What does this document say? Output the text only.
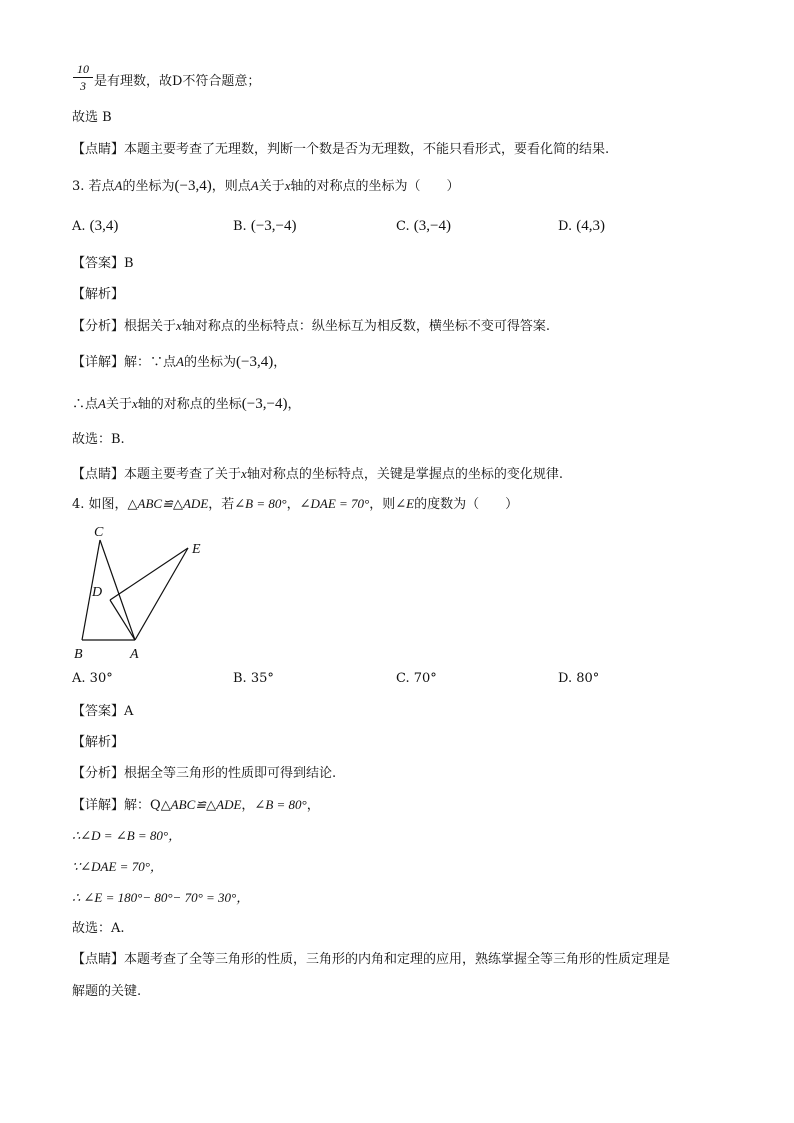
10
3 是有理数，故D不符合题意；
故选 B
【点睛】本题主要考查了无理数，判断一个数是否为无理数，不能只看形式，要看化简的结果.
3. 若点A的坐标为(−3,4)，则点A关于x轴的对称点的坐标为（　　）
A. (3,4)	B. (−3,−4)	C. (3,−4)	D. (4,3)
【答案】B
【解析】
【分析】根据关于x轴对称点的坐标特点：纵坐标互为相反数，横坐标不变可得答案.
【详解】解：∵点A的坐标为(−3,4)，
∴点A关于x轴的对称点的坐标(−3,−4)，
故选：B.
【点睛】本题主要考查了关于x轴对称点的坐标特点，关键是掌握点的坐标的变化规律.
4. 如图，△ABC≌△ADE，若∠B = 80°，∠DAE = 70°，则∠E的度数为（　　）
C
E
D
B	A
A. 30°	B. 35°	C. 70°	D. 80°
【答案】A
【解析】
【分析】根据全等三角形的性质即可得到结论.
【详解】解：Q△ABC≌△ADE，∠B = 80°，
∴∠D = ∠B = 80°，
∵∠DAE = 70°，
∴ ∠E = 180°− 80°− 70° = 30°，
故选：A.
【点睛】本题考查了全等三角形的性质，三角形的内角和定理的应用，熟练掌握全等三角形的性质定理是
解题的关键.
